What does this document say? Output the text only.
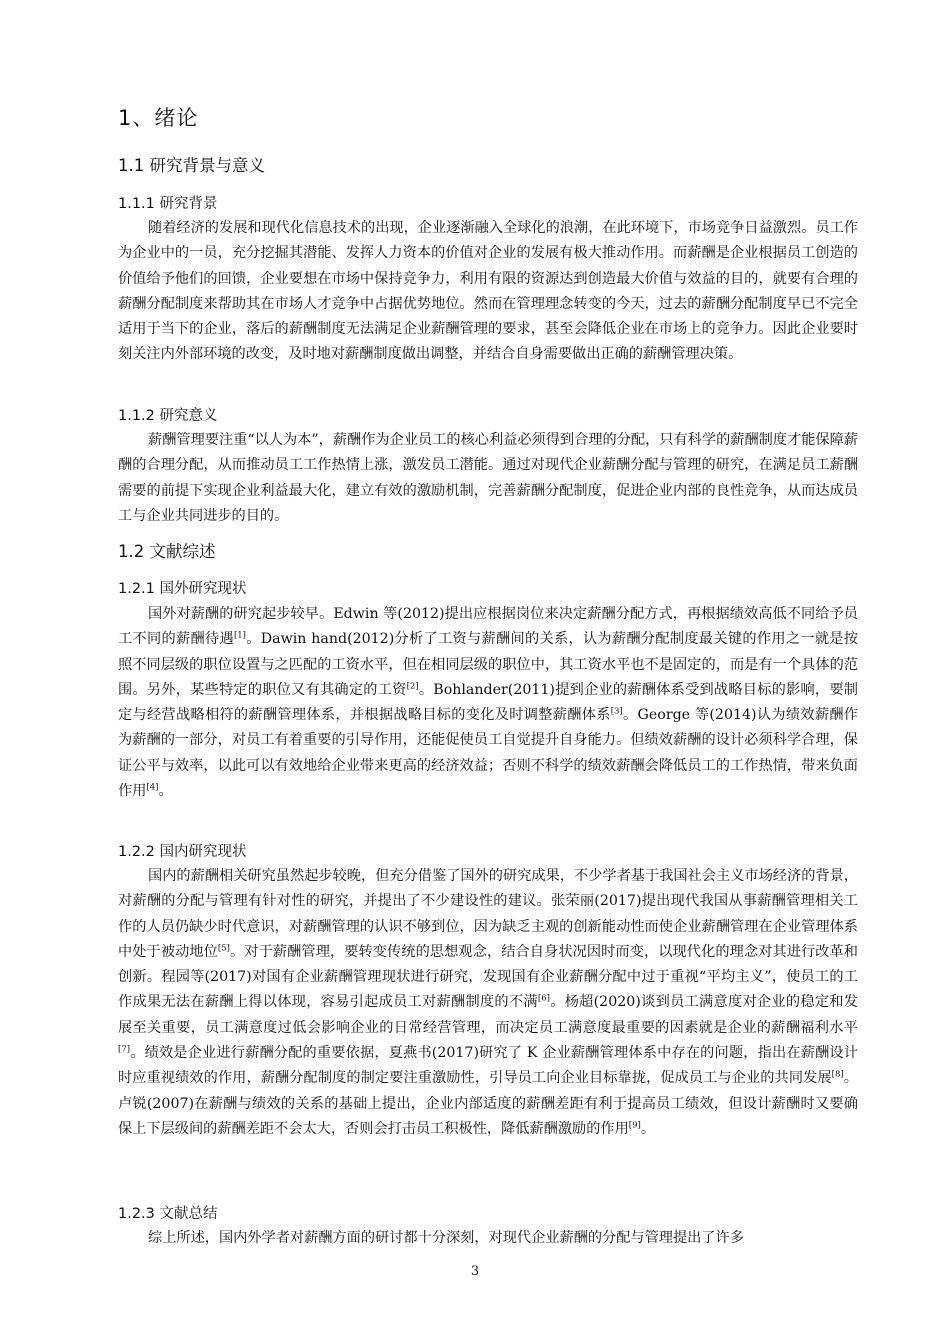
1、绪论
1.1 研究背景与意义
1.1.1 研究背景
随着经济的发展和现代化信息技术的出现，企业逐渐融入全球化的浪潮，在此环境下，市场竞争日益激烈。员工作为企业中的一员，充分挖掘其潜能、发挥人力资本的价值对企业的发展有极大推动作用。而薪酬是企业根据员工创造的价值给予他们的回馈，企业要想在市场中保持竞争力，利用有限的资源达到创造最大价值与效益的目的，就要有合理的薪酬分配制度来帮助其在市场人才竞争中占据优势地位。然而在管理理念转变的今天，过去的薪酬分配制度早已不完全适用于当下的企业，落后的薪酬制度无法满足企业薪酬管理的要求，甚至会降低企业在市场上的竞争力。因此企业要时刻关注内外部环境的改变，及时地对薪酬制度做出调整，并结合自身需要做出正确的薪酬管理决策。
1.1.2 研究意义
薪酬管理要注重“以人为本”，薪酬作为企业员工的核心利益必须得到合理的分配，只有科学的薪酬制度才能保障薪酬的合理分配，从而推动员工工作热情上涨，激发员工潜能。通过对现代企业薪酬分配与管理的研究，在满足员工薪酬需要的前提下实现企业利益最大化，建立有效的激励机制，完善薪酬分配制度，促进企业内部的良性竞争，从而达成员工与企业共同进步的目的。
1.2 文献综述
1.2.1 国外研究现状
国外对薪酬的研究起步较早。Edwin 等(2012)提出应根据岗位来决定薪酬分配方式，再根据绩效高低不同给予员工不同的薪酬待遇[1]。Dawin hand(2012)分析了工资与薪酬间的关系，认为薪酬分配制度最关键的作用之一就是按照不同层级的职位设置与之匹配的工资水平，但在相同层级的职位中，其工资水平也不是固定的，而是有一个具体的范围。另外，某些特定的职位又有其确定的工资[2]。Bohlander(2011)提到企业的薪酬体系受到战略目标的影响，要制定与经营战略相符的薪酬管理体系，并根据战略目标的变化及时调整薪酬体系[3]。George 等(2014)认为绩效薪酬作为薪酬的一部分，对员工有着重要的引导作用，还能促使员工自觉提升自身能力。但绩效薪酬的设计必须科学合理，保证公平与效率，以此可以有效地给企业带来更高的经济效益；否则不科学的绩效薪酬会降低员工的工作热情，带来负面作用[4]。
1.2.2 国内研究现状
国内的薪酬相关研究虽然起步较晚，但充分借鉴了国外的研究成果，不少学者基于我国社会主义市场经济的背景，对薪酬的分配与管理有针对性的研究，并提出了不少建设性的建议。张荣丽(2017)提出现代我国从事薪酬管理相关工作的人员仍缺少时代意识，对薪酬管理的认识不够到位，因为缺乏主观的创新能动性而使企业薪酬管理在企业管理体系中处于被动地位[5]。对于薪酬管理，要转变传统的思想观念，结合自身状况因时而变，以现代化的理念对其进行改革和创新。程园等(2017)对国有企业薪酬管理现状进行研究，发现国有企业薪酬分配中过于重视“平均主义”，使员工的工作成果无法在薪酬上得以体现，容易引起成员工对薪酬制度的不满[6]。杨超(2020)谈到员工满意度对企业的稳定和发展至关重要，员工满意度过低会影响企业的日常经营管理，而决定员工满意度最重要的因素就是企业的薪酬福利水平[7]。绩效是企业进行薪酬分配的重要依据，夏燕书(2017)研究了 K 企业薪酬管理体系中存在的问题，指出在薪酬设计时应重视绩效的作用，薪酬分配制度的制定要注重激励性，引导员工向企业目标靠拢，促成员工与企业的共同发展[8]。卢锐(2007)在薪酬与绩效的关系的基础上提出，企业内部适度的薪酬差距有利于提高员工绩效，但设计薪酬时又要确保上下层级间的薪酬差距不会太大，否则会打击员工积极性，降低薪酬激励的作用[9]。
1.2.3 文献总结
综上所述，国内外学者对薪酬方面的研讨都十分深刻，对现代企业薪酬的分配与管理提出了许多
3
